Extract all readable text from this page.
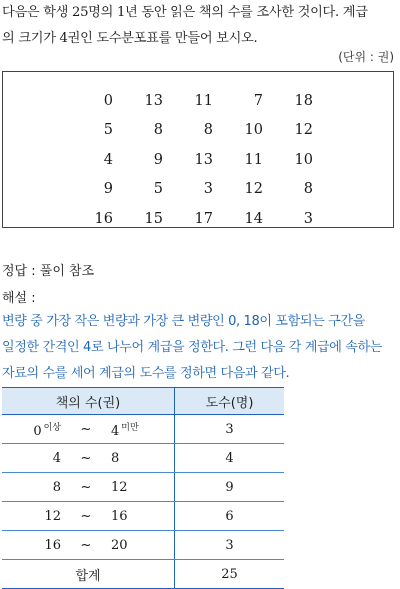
다음은 학생 25명의 1년 동안 읽은 책의 수를 조사한 것이다. 계급
의 크기가 4권인 도수분포표를 만들어 보시오.
(단위 : 권)
0	13	11	7	18
5	8	8	10	12
4	9	13	11	10
9	5	3	12	8
16	15	17	14	3
정답 : 풀이 참조
해설 :
변량 중 가장 작은 변량과 가장 큰 변량인 0, 18이 포함되는 구간을
일정한 간격인 4로 나누어 계급을 정한다. 그런 다음 각 계급에 속하는
자료의 수를 세어 계급의 도수를 정하면 다음과 같다.
책의 수(권)	도수(명)

0 $^{이상}$ ~ 4 $^{미만}$	3

4 ~ 8	4

8 ~ 12	9

12 ~ 16	6

16 ~ 20	3
합계	25
